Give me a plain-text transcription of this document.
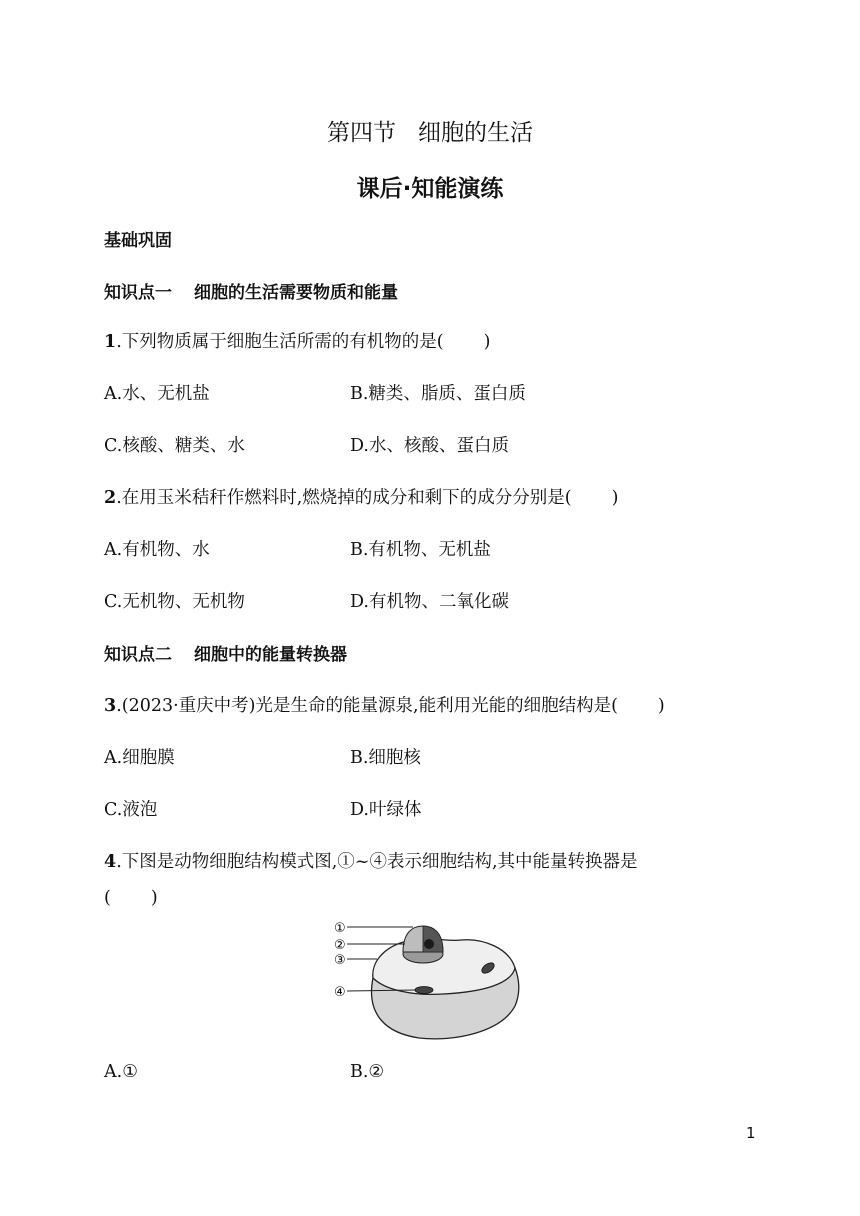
第四节 细胞的生活
课后·知能演练
基础巩固
知识点一 细胞的生活需要物质和能量
1.下列物质属于细胞生活所需的有机物的是( )
A.水、无机盐	B.糖类、脂质、蛋白质
C.核酸、糖类、水	D.水、核酸、蛋白质
2.在用玉米秸秆作燃料时,燃烧掉的成分和剩下的成分分别是( )
A.有机物、水	B.有机物、无机盐
C.无机物、无机物	D.有机物、二氧化碳
知识点二 细胞中的能量转换器
3.(2023·重庆中考)光是生命的能量源泉,能利用光能的细胞结构是( )
A.细胞膜	B.细胞核
C.液泡	D.叶绿体
4.下图是动物细胞结构模式图,①~④表示细胞结构,其中能量转换器是
( )
①
②
③
④
A.①	B.②
1
